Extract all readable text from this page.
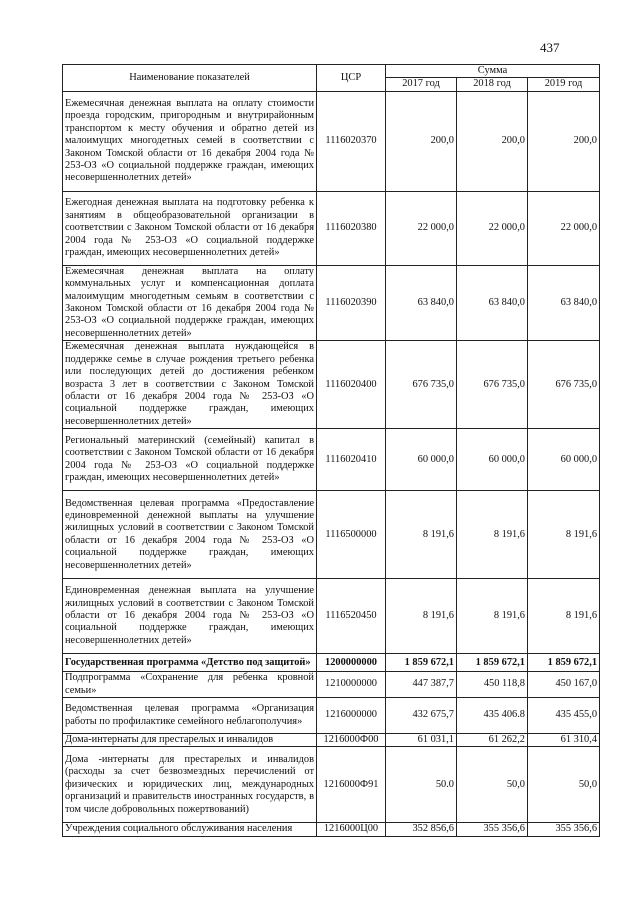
437
Наименование показателей	ЦСР	Сумма		
		2017 год	2018 год	2019 год
Ежемесячная денежная выплата на оплату стоимости проезда городским, пригородным и внутрирайонным транспортом к месту обучения и обратно детей из малоимущих многодетных семей в соответствии с Законом Томской области от 16 декабря 2004 года № 253-ОЗ «О социальной поддержке граждан, имеющих несовершеннолетних детей»	1116020370	200,0	200,0	200,0
Ежегодная денежная выплата на подготовку ребенка к занятиям в общеобразовательной организации в соответствии с Законом Томской области от 16 декабря 2004 года № 253-ОЗ «О социальной поддержке граждан, имеющих несовершеннолетних детей»	1116020380	22 000,0	22 000,0	22 000,0
Ежемесячная денежная выплата на оплату коммунальных услуг и компенсационная доплата малоимущим многодетным семьям в соответствии с Законом Томской области от 16 декабря 2004 года № 253-ОЗ «О социальной поддержке граждан, имеющих несовершеннолетних детей»	1116020390	63 840,0	63 840,0	63 840,0
Ежемесячная денежная выплата нуждающейся в поддержке семье в случае рождения третьего ребенка или последующих детей до достижения ребенком возраста 3 лет в соответствии с Законом Томской области от 16 декабря 2004 года № 253-ОЗ «О социальной поддержке граждан, имеющих несовершеннолетних детей»	1116020400	676 735,0	676 735,0	676 735,0
Региональный материнский (семейный) капитал в соответствии с Законом Томской области от 16 декабря 2004 года № 253-ОЗ «О социальной поддержке граждан, имеющих несовершеннолетних детей»	1116020410	60 000,0	60 000,0	60 000,0
Ведомственная целевая программа «Предоставление единовременной денежной выплаты на улучшение жилищных условий в соответствии с Законом Томской области от 16 декабря 2004 года № 253-ОЗ «О социальной поддержке граждан, имеющих несовершеннолетних детей»	1116500000	8 191,6	8 191,6	8 191,6
Единовременная денежная выплата на улучшение жилищных условий в соответствии с Законом Томской области от 16 декабря 2004 года № 253-ОЗ «О социальной поддержке граждан, имеющих несовершеннолетних детей»	1116520450	8 191,6	8 191,6	8 191,6
Государственная программа «Детство под защитой»	1200000000	1 859 672,1	1 859 672,1	1 859 672,1
Подпрограмма «Сохранение для ребенка кровной семьи»	1210000000	447 387,7	450 118,8	450 167,0
Ведомственная целевая программа «Организация работы по профилактике семейного неблагополучия»	1216000000	432 675,7	435 406.8	435 455,0
Дома-интернаты для престарелых и инвалидов	1216000Ф00	61 031,1	61 262,2	61 310,4
Дома -интернаты для престарелых и инвалидов (расходы за счет безвозмездных перечислений от физических и юридических лиц, международных организаций и правительств иностранных государств, в том числе добровольных пожертвований)	1216000Ф91	50.0	50,0	50,0
Учреждения социального обслуживания населения	1216000Ц00	352 856,6	355 356,6	355 356,6
